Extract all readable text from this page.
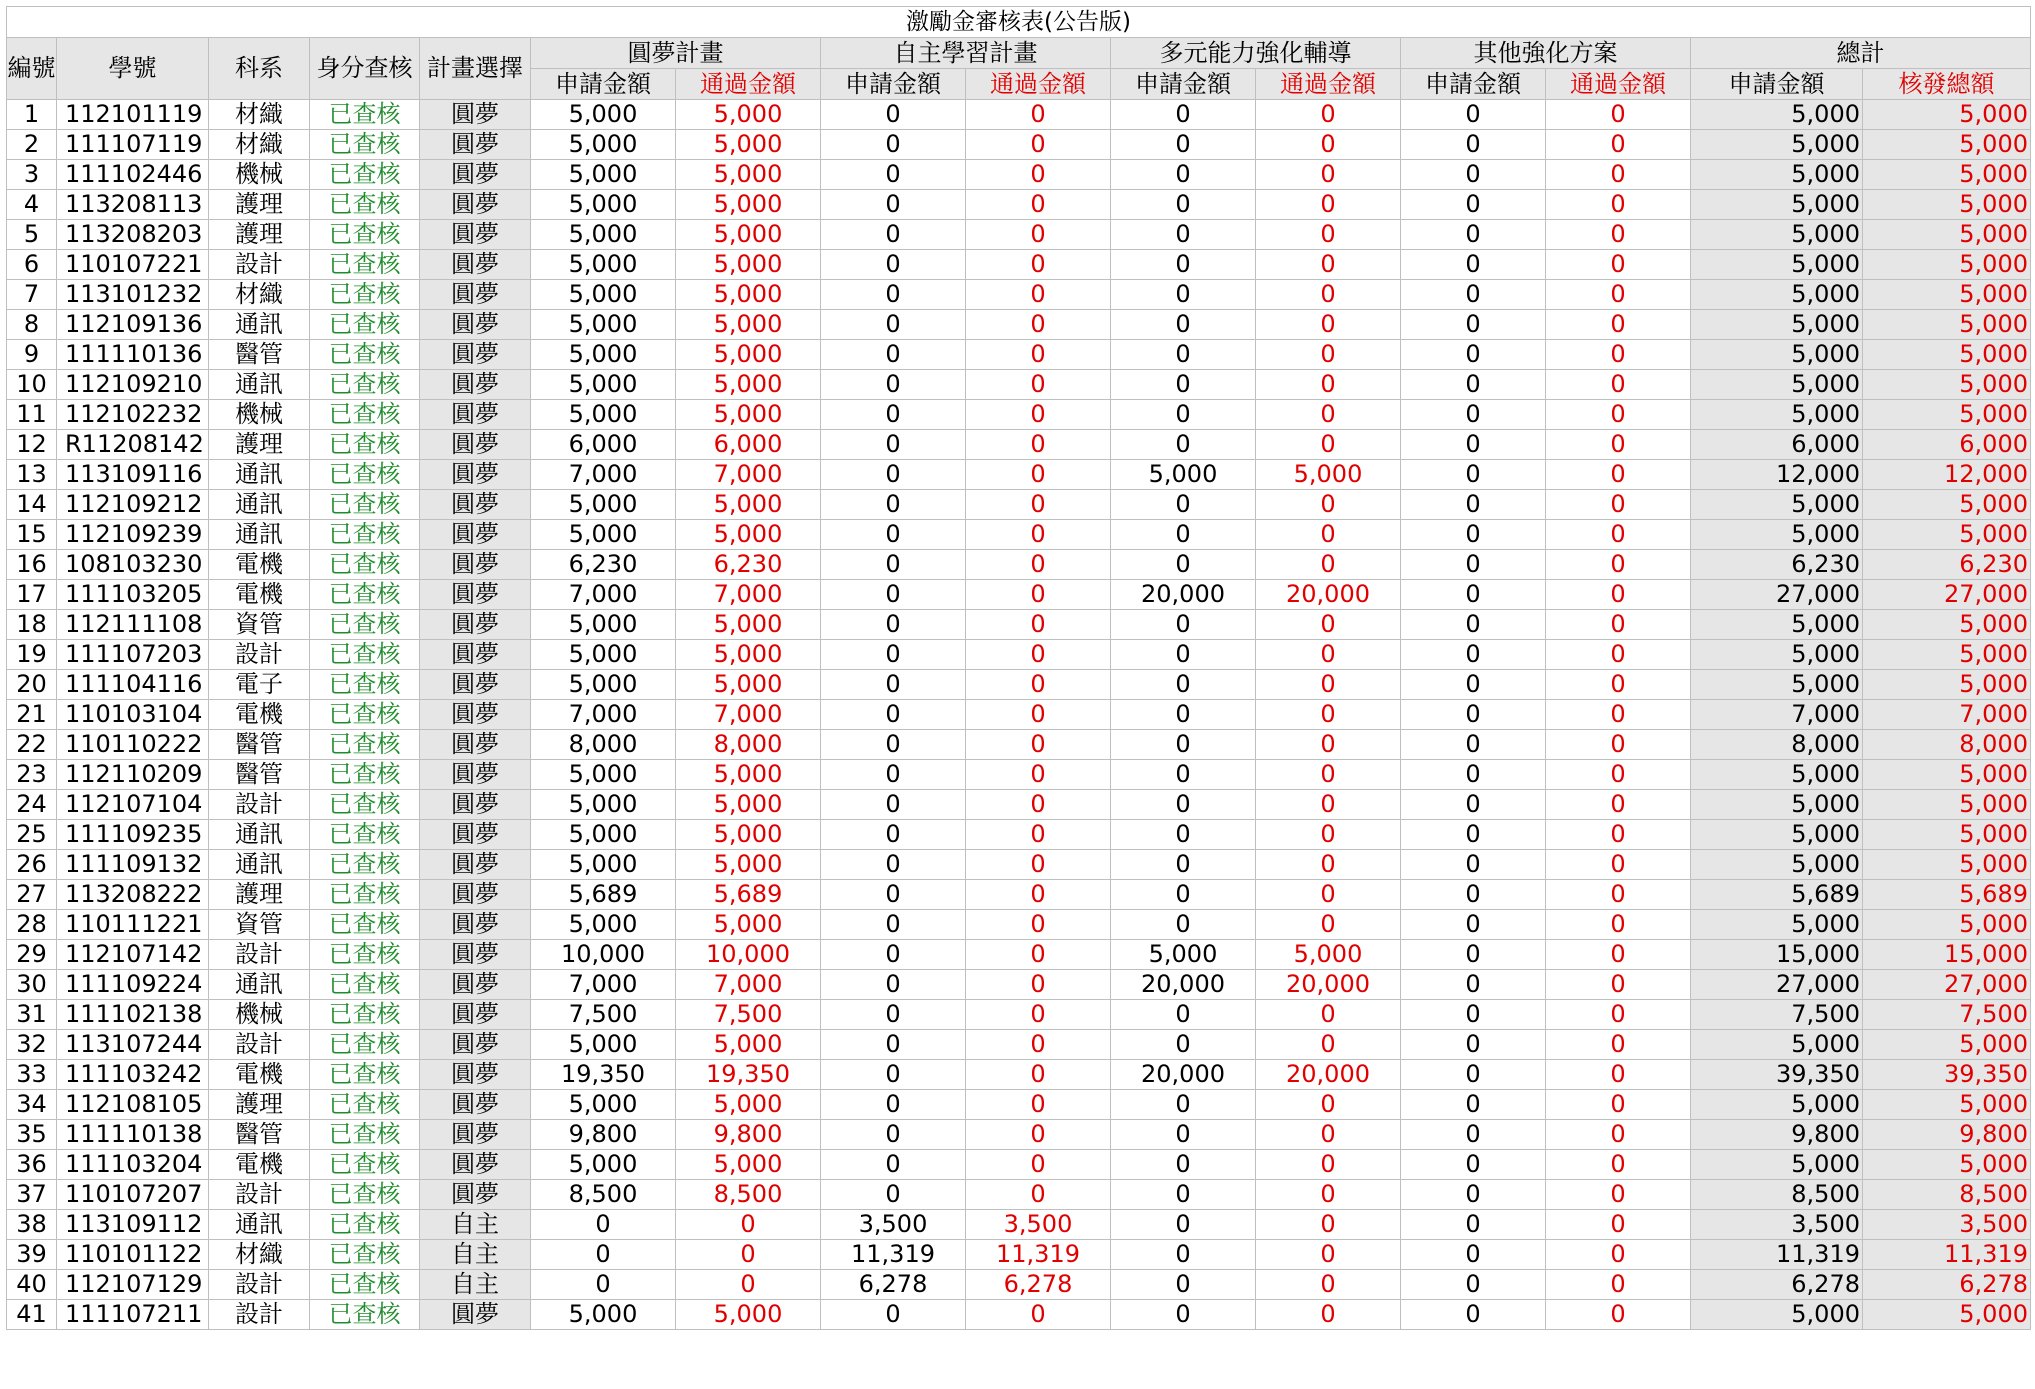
激勵金審核表(公告版)														
編號	學號	科系	身分查核	計畫選擇	圓夢計畫		自主學習計畫		多元能力強化輔導		其他強化方案		總計	
					申請金額	通過金額	申請金額	通過金額	申請金額	通過金額	申請金額	通過金額	申請金額	核發總額
1	112101119	材織	已查核	圓夢	5,000	5,000	0	0	0	0	0	0	5,000	5,000
2	111107119	材織	已查核	圓夢	5,000	5,000	0	0	0	0	0	0	5,000	5,000
3	111102446	機械	已查核	圓夢	5,000	5,000	0	0	0	0	0	0	5,000	5,000
4	113208113	護理	已查核	圓夢	5,000	5,000	0	0	0	0	0	0	5,000	5,000
5	113208203	護理	已查核	圓夢	5,000	5,000	0	0	0	0	0	0	5,000	5,000
6	110107221	設計	已查核	圓夢	5,000	5,000	0	0	0	0	0	0	5,000	5,000
7	113101232	材織	已查核	圓夢	5,000	5,000	0	0	0	0	0	0	5,000	5,000
8	112109136	通訊	已查核	圓夢	5,000	5,000	0	0	0	0	0	0	5,000	5,000
9	111110136	醫管	已查核	圓夢	5,000	5,000	0	0	0	0	0	0	5,000	5,000
10	112109210	通訊	已查核	圓夢	5,000	5,000	0	0	0	0	0	0	5,000	5,000
11	112102232	機械	已查核	圓夢	5,000	5,000	0	0	0	0	0	0	5,000	5,000
12	R11208142	護理	已查核	圓夢	6,000	6,000	0	0	0	0	0	0	6,000	6,000
13	113109116	通訊	已查核	圓夢	7,000	7,000	0	0	5,000	5,000	0	0	12,000	12,000
14	112109212	通訊	已查核	圓夢	5,000	5,000	0	0	0	0	0	0	5,000	5,000
15	112109239	通訊	已查核	圓夢	5,000	5,000	0	0	0	0	0	0	5,000	5,000
16	108103230	電機	已查核	圓夢	6,230	6,230	0	0	0	0	0	0	6,230	6,230
17	111103205	電機	已查核	圓夢	7,000	7,000	0	0	20,000	20,000	0	0	27,000	27,000
18	112111108	資管	已查核	圓夢	5,000	5,000	0	0	0	0	0	0	5,000	5,000
19	111107203	設計	已查核	圓夢	5,000	5,000	0	0	0	0	0	0	5,000	5,000
20	111104116	電子	已查核	圓夢	5,000	5,000	0	0	0	0	0	0	5,000	5,000
21	110103104	電機	已查核	圓夢	7,000	7,000	0	0	0	0	0	0	7,000	7,000
22	110110222	醫管	已查核	圓夢	8,000	8,000	0	0	0	0	0	0	8,000	8,000
23	112110209	醫管	已查核	圓夢	5,000	5,000	0	0	0	0	0	0	5,000	5,000
24	112107104	設計	已查核	圓夢	5,000	5,000	0	0	0	0	0	0	5,000	5,000
25	111109235	通訊	已查核	圓夢	5,000	5,000	0	0	0	0	0	0	5,000	5,000
26	111109132	通訊	已查核	圓夢	5,000	5,000	0	0	0	0	0	0	5,000	5,000
27	113208222	護理	已查核	圓夢	5,689	5,689	0	0	0	0	0	0	5,689	5,689
28	110111221	資管	已查核	圓夢	5,000	5,000	0	0	0	0	0	0	5,000	5,000
29	112107142	設計	已查核	圓夢	10,000	10,000	0	0	5,000	5,000	0	0	15,000	15,000
30	111109224	通訊	已查核	圓夢	7,000	7,000	0	0	20,000	20,000	0	0	27,000	27,000
31	111102138	機械	已查核	圓夢	7,500	7,500	0	0	0	0	0	0	7,500	7,500
32	113107244	設計	已查核	圓夢	5,000	5,000	0	0	0	0	0	0	5,000	5,000
33	111103242	電機	已查核	圓夢	19,350	19,350	0	0	20,000	20,000	0	0	39,350	39,350
34	112108105	護理	已查核	圓夢	5,000	5,000	0	0	0	0	0	0	5,000	5,000
35	111110138	醫管	已查核	圓夢	9,800	9,800	0	0	0	0	0	0	9,800	9,800
36	111103204	電機	已查核	圓夢	5,000	5,000	0	0	0	0	0	0	5,000	5,000
37	110107207	設計	已查核	圓夢	8,500	8,500	0	0	0	0	0	0	8,500	8,500
38	113109112	通訊	已查核	自主	0	0	3,500	3,500	0	0	0	0	3,500	3,500
39	110101122	材織	已查核	自主	0	0	11,319	11,319	0	0	0	0	11,319	11,319
40	112107129	設計	已查核	自主	0	0	6,278	6,278	0	0	0	0	6,278	6,278
41	111107211	設計	已查核	圓夢	5,000	5,000	0	0	0	0	0	0	5,000	5,000
